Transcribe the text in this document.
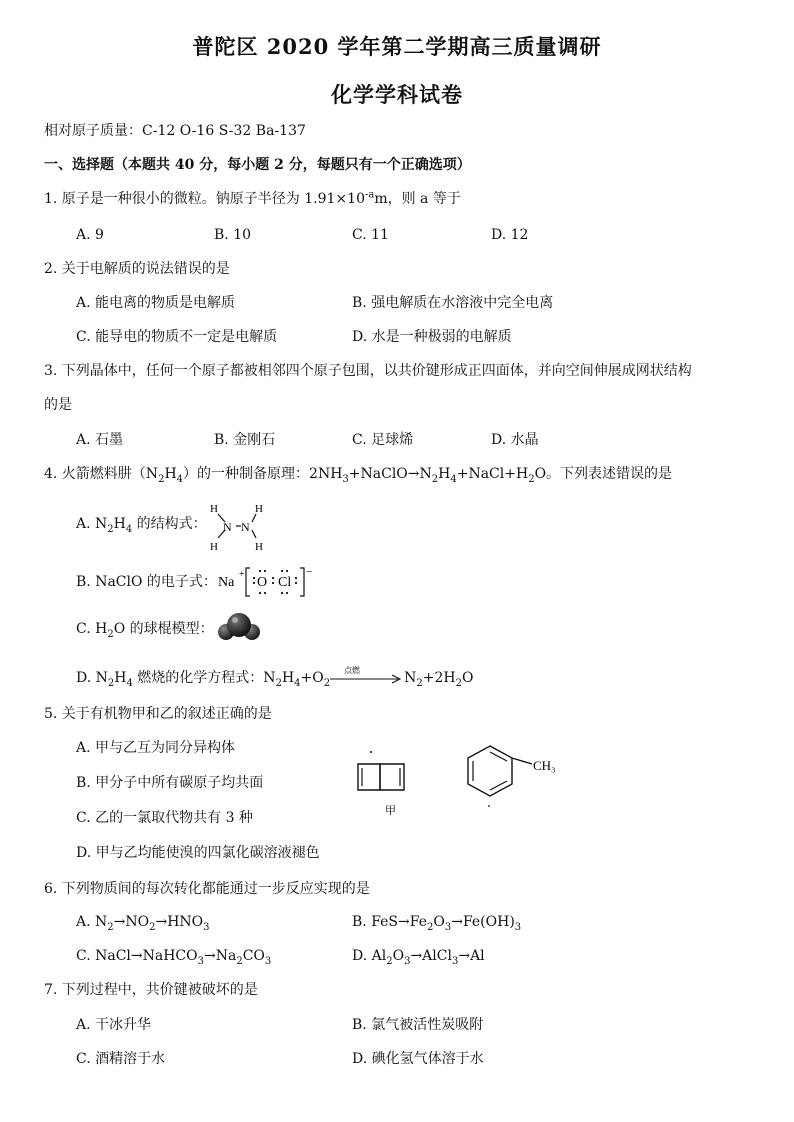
普陀区 2020 学年第二学期高三质量调研
化学学科试卷
相对原子质量：C-12 O-16 S-32 Ba-137
一、选择题（本题共 40 分，每小题 2 分，每题只有一个正确选项）
1. 原子是一种很小的微粒。钠原子半径为 $1.91\times 10^{-a}m$，则 a 等于
A. 9	B. 10	C. 11	D. 12
2. 关于电解质的说法错误的是
A. 能电离的物质是电解质	B. 强电解质在水溶液中完全电离
C. 能导电的物质不一定是电解质	D. 水是一种极弱的电解质
3. 下列晶体中，任何一个原子都被相邻四个原子包围，以共价键形成正四面体，并向空间伸展成网状结构
的是
A. 石墨	B. 金刚石	C. 足球烯	D. 水晶
4. 火箭燃料肼$(N_2H_4)$的一种制备原理：$2NH_3+NaClO\to N_2H_4+NaCl+H_2O$。下列表述错误的是
A. $N_2H_4$ 的结构式：
H
H
N N
H
H
B. NaClO 的电子式： Na
+
O Cl
−
C. $H_2O$ 的球棍模型：
D. $N_2H_4$ 燃烧的化学方程式：$N_2H_4+O_2$	$N_2+2H_2O$
点燃
5. 关于有机物甲和乙的叙述正确的是
A. 甲与乙互为同分异构体
B. 甲分子中所有碳原子均共面
C. 乙的一氯取代物共有 3 种
D. 甲与乙均能使溴的四氯化碳溶液褪色
甲
CH₃
6. 下列物质间的每次转化都能通过一步反应实现的是
A. $N_2\to NO_2\to HNO_3$	B. $FeS\to Fe_2O_3\to Fe(OH)_3$
C. $NaCl\to NaHCO_3\to Na_2CO_3$	D. $Al_2O_3\to AlCl_3\to Al$
7. 下列过程中，共价键被破坏的是
A. 干冰升华	B. 氯气被活性炭吸附
C. 酒精溶于水	D. 碘化氢气体溶于水
